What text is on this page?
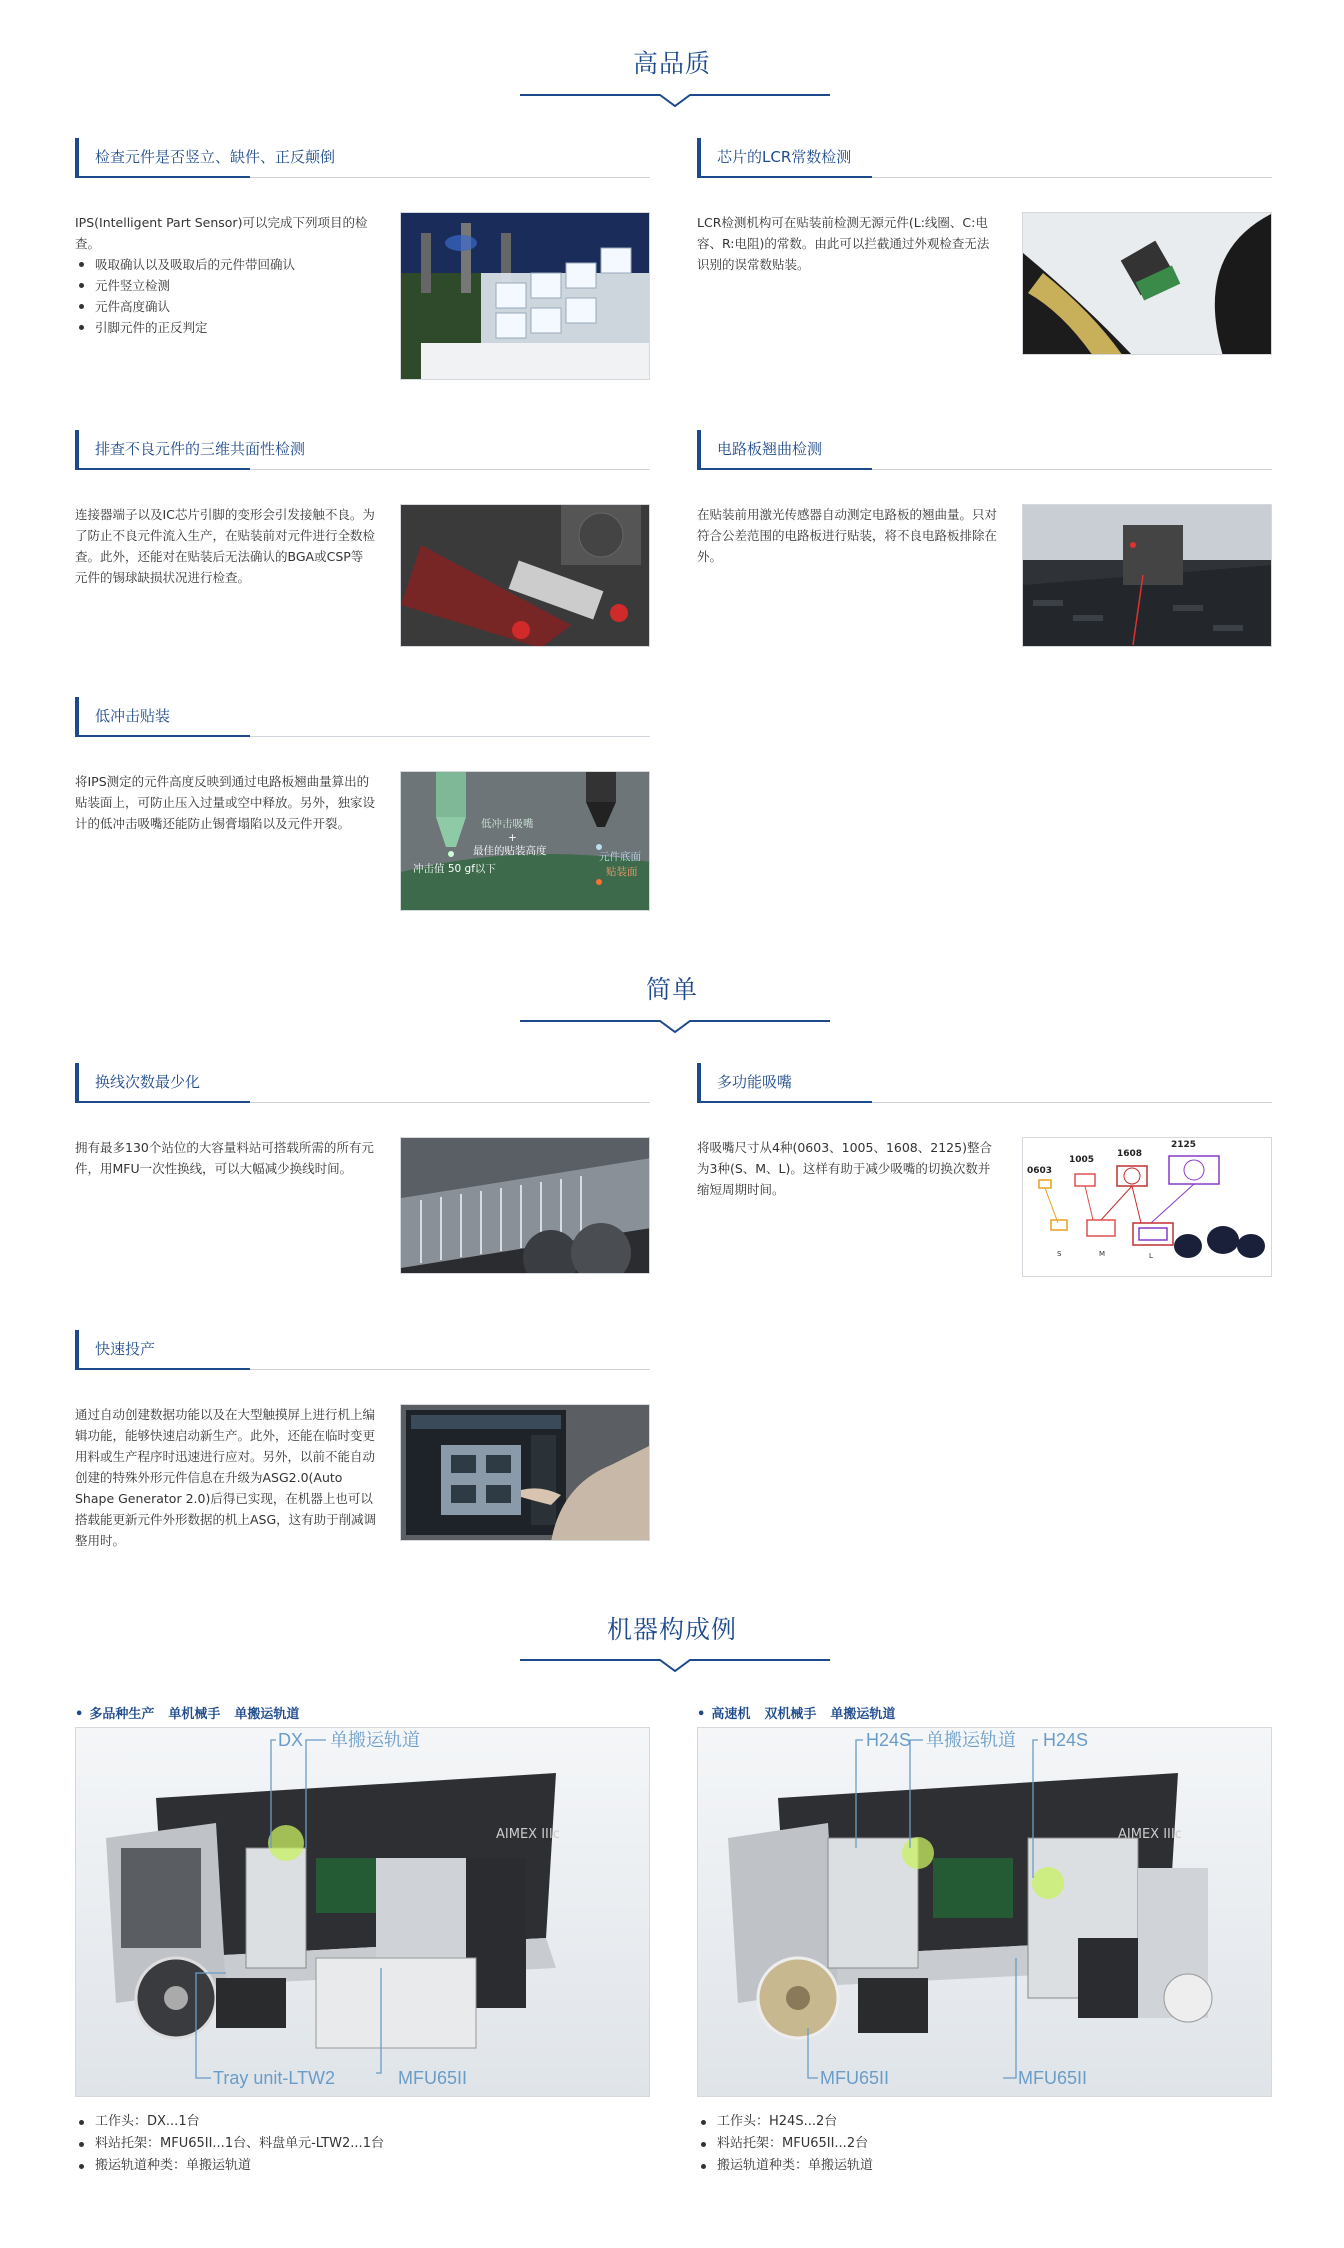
高品质
检查元件是否竖立、缺件、正反颠倒
IPS(Intelligent Part Sensor)可以完成下列项目的检查。
吸取确认以及吸取后的元件带回确认
元件竖立检测
元件高度确认
引脚元件的正反判定
芯片的LCR常数检测
LCR检测机构可在贴装前检测无源元件(L:线圈、C:电容、R:电阻)的常数。由此可以拦截通过外观检查无法识别的误常数贴装。
排查不良元件的三维共面性检测
连接器端子以及IC芯片引脚的变形会引发接触不良。为了防止不良元件流入生产，在贴装前对元件进行全数检查。此外，还能对在贴装后无法确认的BGA或CSP等元件的锡球缺损状况进行检查。
电路板翘曲检测
在贴装前用激光传感器自动测定电路板的翘曲量。只对符合公差范围的电路板进行贴装，将不良电路板排除在外。
低冲击贴装
将IPS测定的元件高度反映到通过电路板翘曲量算出的贴装面上，可防止压入过量或空中释放。另外，独家设计的低冲击吸嘴还能防止锡膏塌陷以及元件开裂。	低冲击吸嘴
+
最佳的贴装高度
冲击值 50 gf以下
元件底面
贴装面
简单
换线次数最少化
拥有最多130个站位的大容量料站可搭载所需的所有元件，用MFU一次性换线，可以大幅减少换线时间。
多功能吸嘴
将吸嘴尺寸从4种(0603、1005、1608、2125)整合为3种(S、M、L)。这样有助于减少吸嘴的切换次数并缩短周期时间。
0603
1005
1608
2125
S	M	L
快速投产
通过自动创建数据功能以及在大型触摸屏上进行机上编辑功能，能够快速启动新生产。此外，还能在临时变更用料或生产程序时迅速进行应对。另外，以前不能自动创建的特殊外形元件信息在升级为ASG2.0(Auto Shape Generator 2.0)后得已实现，在机器上也可以搭载能更新元件外形数据的机上ASG，这有助于削减调整用时。
机器构成例
• 多品种生产 单机械手 单搬运轨道
AIMEX IIIc
DX 单搬运轨道
Tray unit-LTW2	MFU65II
工作头：DX...1台
料站托架：MFU65II...1台、料盘单元-LTW2...1台
搬运轨道种类：单搬运轨道
• 高速机 双机械手 单搬运轨道
AIMEX IIIc
H24S 单搬运轨道 H24S
MFU65II	MFU65II
工作头：H24S...2台
料站托架：MFU65II...2台
搬运轨道种类：单搬运轨道
